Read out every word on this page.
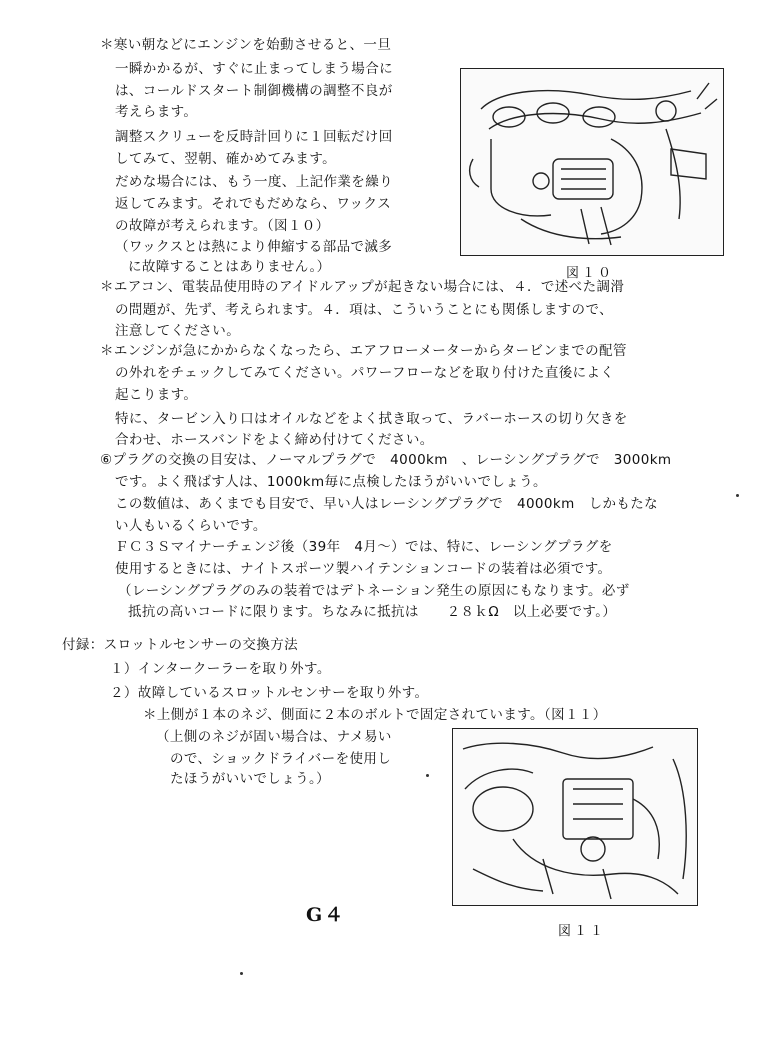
＊寒い朝などにエンジンを始動させると、一旦
一瞬かかるが、すぐに止まってしまう場合に
は、コールドスタート制御機構の調整不良が
考えらます。
調整スクリューを反時計回りに１回転だけ回
してみて、翌朝、確かめてみます。
だめな場合には、もう一度、上記作業を繰り
返してみます。それでもだめなら、ワックス
の故障が考えられます。（図１０）
（ワックスとは熱により伸縮する部品で滅多
に故障することはありません。）
＊エアコン、電装品使用時のアイドルアップが起きない場合には、４．で述べた調滑
の問題が、先ず、考えられます。４．項は、こういうことにも関係しますので、
注意してください。
＊エンジンが急にかからなくなったら、エアフローメーターからタービンまでの配管
の外れをチェックしてみてください。パワーフローなどを取り付けた直後によく
起こります。
特に、タービン入り口はオイルなどをよく拭き取って、ラバーホースの切り欠きを
合わせ、ホースバンドをよく締め付けてください。
⑥プラグの交換の目安は、ノーマルプラグで　4000km　、レーシングプラグで　3000km
です。よく飛ばす人は、1000km毎に点検したほうがいいでしょう。
この数値は、あくまでも目安で、早い人はレーシングプラグで　4000km　しかもたな
い人もいるくらいです。
ＦＣ３Ｓマイナーチェンジ後（39年　4月～）では、特に、レーシングプラグを
使用するときには、ナイトスポーツ製ハイテンションコードの装着は必須です。
（レーシングプラグのみの装着ではデトネーション発生の原因にもなります。必ず
抵抗の高いコードに限ります。ちなみに抵抗は　　２８ｋΩ　以上必要です。）
付録：スロットルセンサーの交換方法
１）インタークーラーを取り外す。
２）故障しているスロットルセンサーを取り外す。
＊上側が１本のネジ、側面に２本のボルトで固定されています。（図１１）
（上側のネジが固い場合は、ナメ易い
ので、ショックドライバーを使用し
たほうがいいでしょう。）
図１０
図１１
G４
